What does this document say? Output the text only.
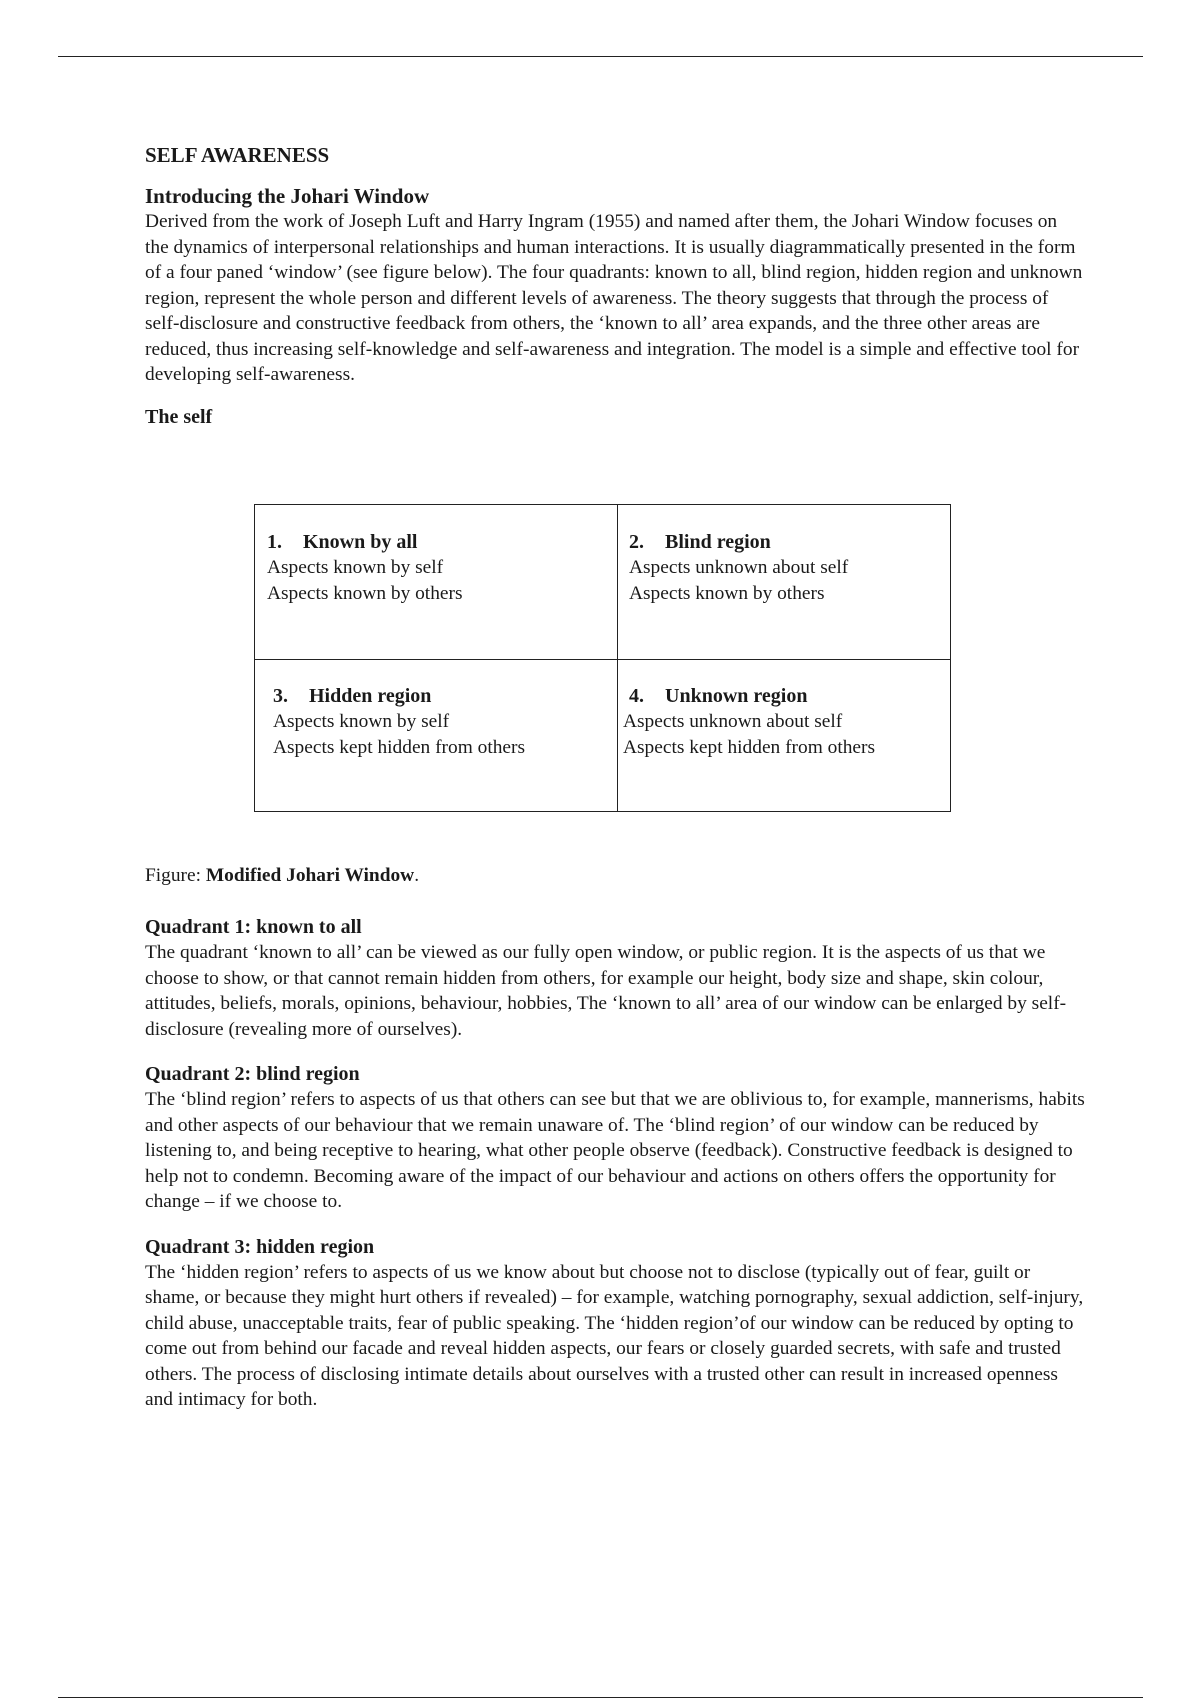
SELF AWARENESS
Introducing the Johari Window

Derived from the work of Joseph Luft and Harry Ingram (1955) and named after them, the Johari Window focuses on the dynamics of interpersonal relationships and human interactions. It is usually diagrammatically presented in the form of a four paned ‘window’ (see figure below). The four quadrants: known to all, blind region, hidden region and unknown region, represent the whole person and different levels of awareness. The theory suggests that through the process of self-disclosure and constructive feedback from others, the ‘known to all’ area expands, and the three other areas are reduced, thus increasing self-knowledge and self-awareness and integration. The model is a simple and effective tool for developing self-awareness.

The self
1. Known by all
Aspects known by self
Aspects known by others
2. Blind region
Aspects unknown about self
Aspects known by others
3. Hidden region
Aspects known by self
Aspects kept hidden from others
4. Unknown region
Aspects unknown about self
Aspects kept hidden from others
Figure: Modified Johari Window.
Quadrant 1: known to all

The quadrant ‘known to all’ can be viewed as our fully open window, or public region. It is the aspects of us that we choose to show, or that cannot remain hidden from others, for example our height, body size and shape, skin colour, attitudes, beliefs, morals, opinions, behaviour, hobbies, The ‘known to all’ area of our window can be enlarged by self-disclosure (revealing more of ourselves).

Quadrant 2: blind region

The ‘blind region’ refers to aspects of us that others can see but that we are oblivious to, for example, mannerisms, habits and other aspects of our behaviour that we remain unaware of. The ‘blind region’ of our window can be reduced by listening to, and being receptive to hearing, what other people observe (feedback). Constructive feedback is designed to help not to condemn. Becoming aware of the impact of our behaviour and actions on others offers the opportunity for change – if we choose to.

Quadrant 3: hidden region

The ‘hidden region’ refers to aspects of us we know about but choose not to disclose (typically out of fear, guilt or shame, or because they might hurt others if revealed) – for example, watching pornography, sexual addiction, self-injury, child abuse, unacceptable traits, fear of public speaking. The ‘hidden region’of our window can be reduced by opting to come out from behind our facade and reveal hidden aspects, our fears or closely guarded secrets, with safe and trusted others. The process of disclosing intimate details about ourselves with a trusted other can result in increased openness and intimacy for both.
